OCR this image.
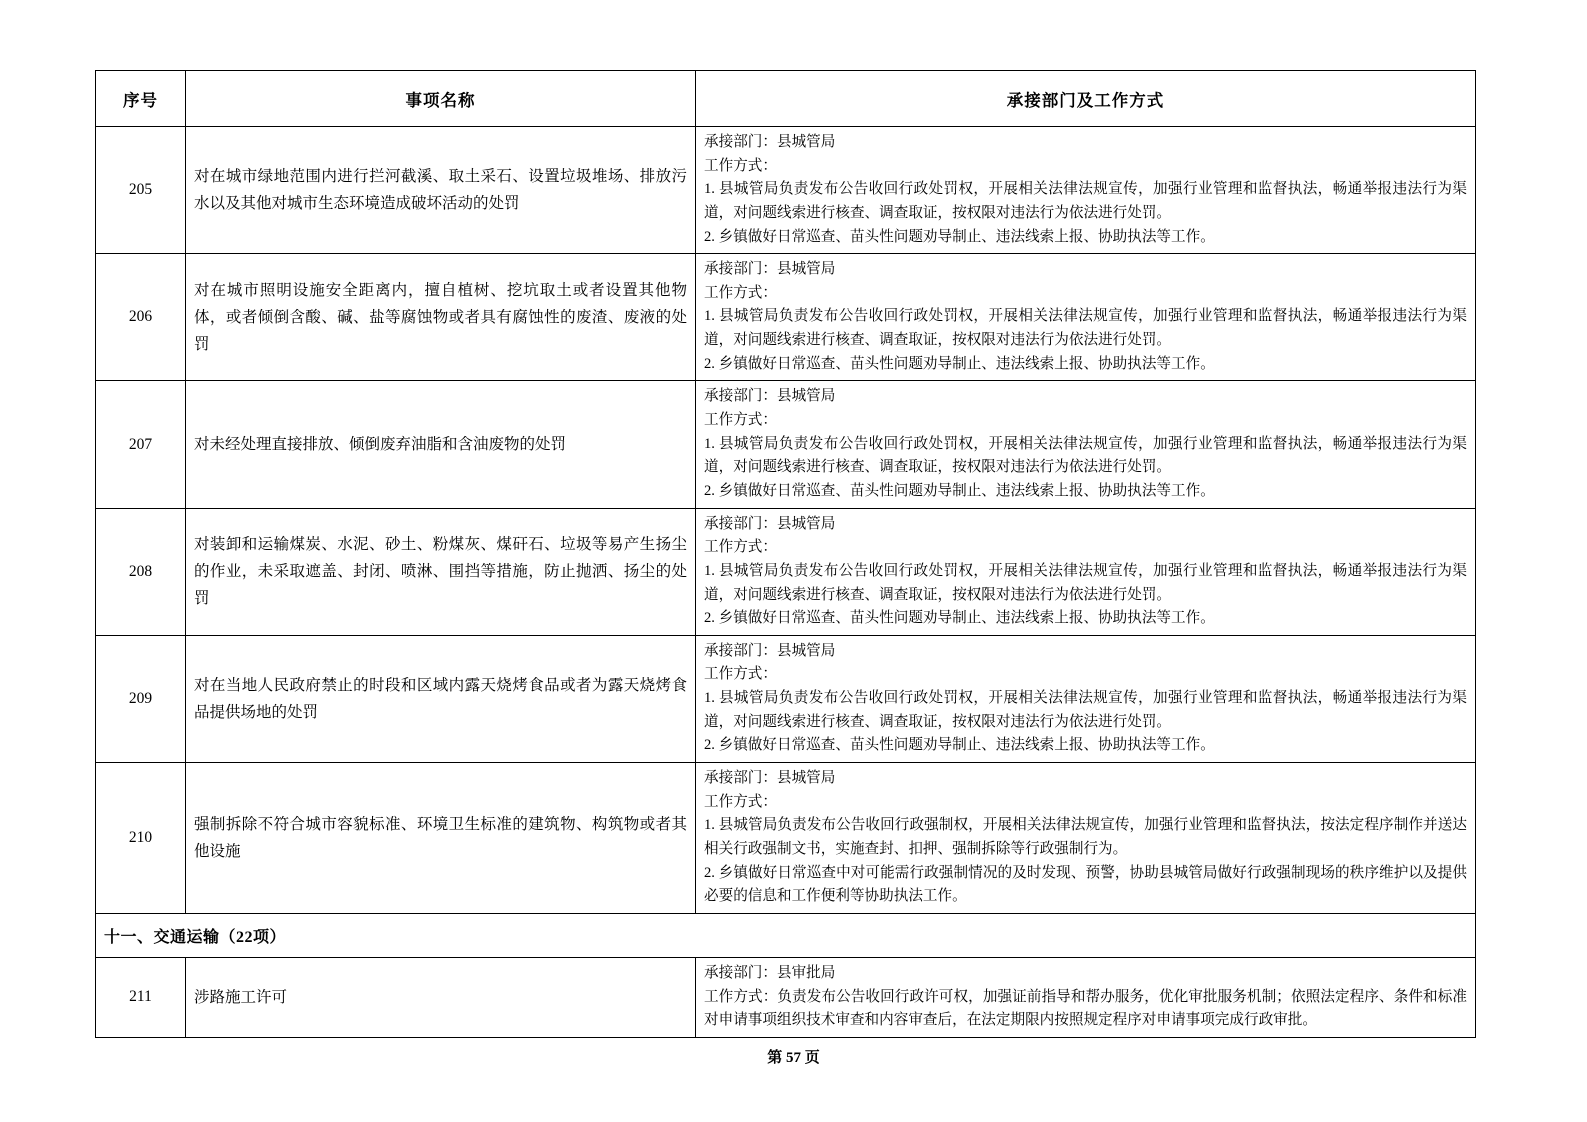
序号	事项名称	承接部门及工作方式
205	对在城市绿地范围内进行拦河截溪、取土采石、设置垃圾堆场、排放污水以及其他对城市生态环境造成破坏活动的处罚	承接部门：县城管局
工作方式：
1. 县城管局负责发布公告收回行政处罚权，开展相关法律法规宣传，加强行业管理和监督执法，畅通举报违法行为渠道，对问题线索进行核查、调查取证，按权限对违法行为依法进行处罚。
2. 乡镇做好日常巡查、苗头性问题劝导制止、违法线索上报、协助执法等工作。

206	对在城市照明设施安全距离内，擅自植树、挖坑取土或者设置其他物体，或者倾倒含酸、碱、盐等腐蚀物或者具有腐蚀性的废渣、废液的处罚	承接部门：县城管局
工作方式：
1. 县城管局负责发布公告收回行政处罚权，开展相关法律法规宣传，加强行业管理和监督执法，畅通举报违法行为渠道，对问题线索进行核查、调查取证，按权限对违法行为依法进行处罚。
2. 乡镇做好日常巡查、苗头性问题劝导制止、违法线索上报、协助执法等工作。

207	对未经处理直接排放、倾倒废弃油脂和含油废物的处罚	承接部门：县城管局
工作方式：
1. 县城管局负责发布公告收回行政处罚权，开展相关法律法规宣传，加强行业管理和监督执法，畅通举报违法行为渠道，对问题线索进行核查、调查取证，按权限对违法行为依法进行处罚。
2. 乡镇做好日常巡查、苗头性问题劝导制止、违法线索上报、协助执法等工作。

208	对装卸和运输煤炭、水泥、砂土、粉煤灰、煤矸石、垃圾等易产生扬尘的作业，未采取遮盖、封闭、喷淋、围挡等措施，防止抛洒、扬尘的处罚	承接部门：县城管局
工作方式：
1. 县城管局负责发布公告收回行政处罚权，开展相关法律法规宣传，加强行业管理和监督执法，畅通举报违法行为渠道，对问题线索进行核查、调查取证，按权限对违法行为依法进行处罚。
2. 乡镇做好日常巡查、苗头性问题劝导制止、违法线索上报、协助执法等工作。

209	对在当地人民政府禁止的时段和区域内露天烧烤食品或者为露天烧烤食品提供场地的处罚	承接部门：县城管局
工作方式：
1. 县城管局负责发布公告收回行政处罚权，开展相关法律法规宣传，加强行业管理和监督执法，畅通举报违法行为渠道，对问题线索进行核查、调查取证，按权限对违法行为依法进行处罚。
2. 乡镇做好日常巡查、苗头性问题劝导制止、违法线索上报、协助执法等工作。

210	强制拆除不符合城市容貌标准、环境卫生标准的建筑物、构筑物或者其他设施	承接部门：县城管局
工作方式：
1. 县城管局负责发布公告收回行政强制权，开展相关法律法规宣传，加强行业管理和监督执法，按法定程序制作并送达相关行政强制文书，实施查封、扣押、强制拆除等行政强制行为。
2. 乡镇做好日常巡查中对可能需行政强制情况的及时发现、预警，协助县城管局做好行政强制现场的秩序维护以及提供必要的信息和工作便利等协助执法工作。

十一、交通运输（22项）		
211	涉路施工许可	承接部门：县审批局
工作方式：负责发布公告收回行政许可权，加强证前指导和帮办服务，优化审批服务机制；依照法定程序、条件和标准对申请事项组织技术审查和内容审查后，在法定期限内按照规定程序对申请事项完成行政审批。
第 57 页
